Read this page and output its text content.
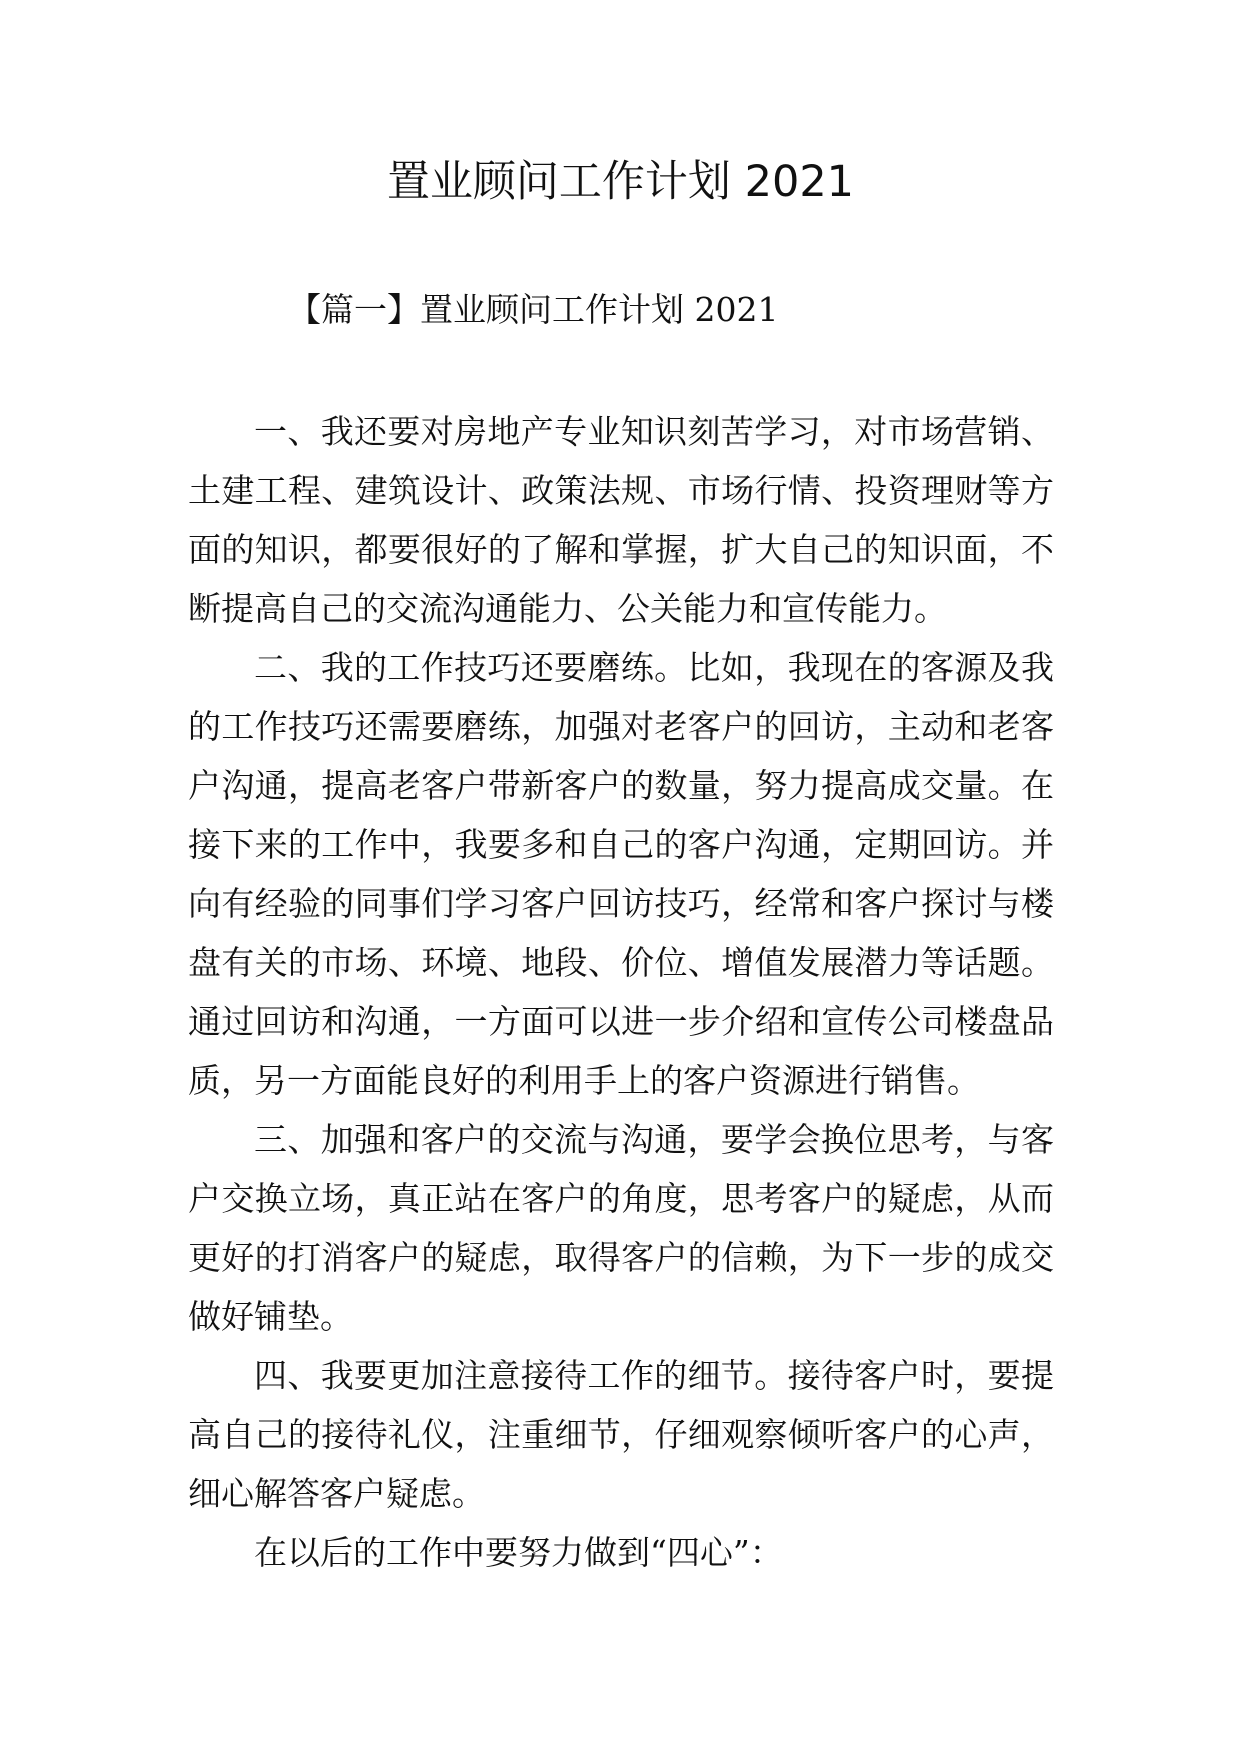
置业顾问工作计划 2021

【篇一】置业顾问工作计划 2021

一、我还要对房地产专业知识刻苦学习，对市场营销、土建工程、建筑设计、政策法规、市场行情、投资理财等方面的知识，都要很好的了解和掌握，扩大自己的知识面，不断提高自己的交流沟通能力、公关能力和宣传能力。

二、我的工作技巧还要磨练。比如，我现在的客源及我的工作技巧还需要磨练，加强对老客户的回访，主动和老客户沟通，提高老客户带新客户的数量，努力提高成交量。在接下来的工作中，我要多和自己的客户沟通，定期回访。并向有经验的同事们学习客户回访技巧，经常和客户探讨与楼盘有关的市场、环境、地段、价位、增值发展潜力等话题。通过回访和沟通，一方面可以进一步介绍和宣传公司楼盘品质，另一方面能良好的利用手上的客户资源进行销售。

三、加强和客户的交流与沟通，要学会换位思考，与客户交换立场，真正站在客户的角度，思考客户的疑虑，从而更好的打消客户的疑虑，取得客户的信赖，为下一步的成交做好铺垫。

四、我要更加注意接待工作的细节。接待客户时，要提高自己的接待礼仪，注重细节，仔细观察倾听客户的心声，细心解答客户疑虑。

在以后的工作中要努力做到“四心”：
